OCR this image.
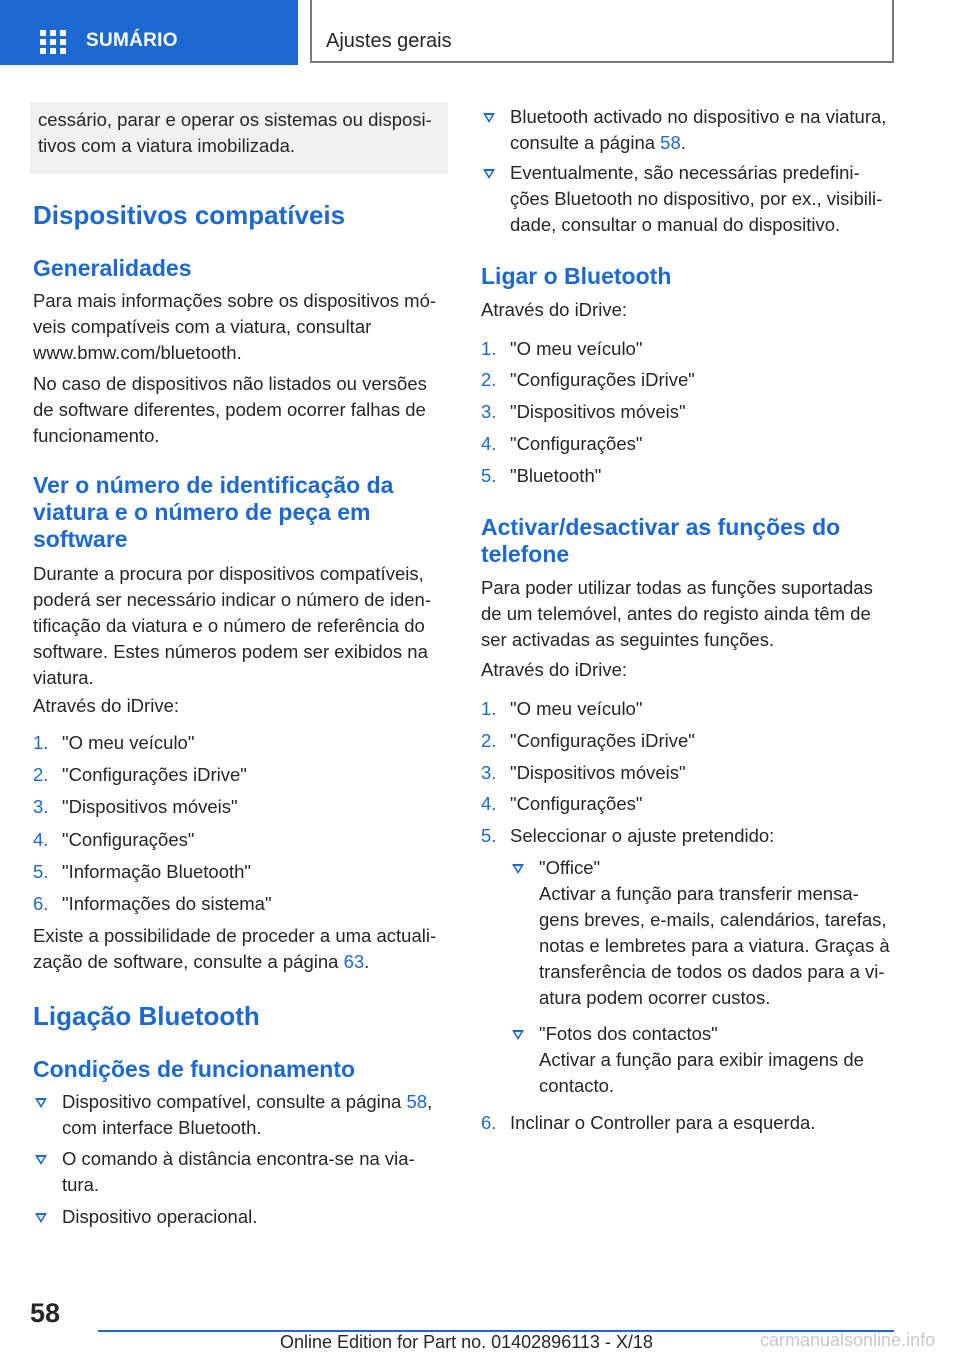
SUMÁRIO	Ajustes gerais

cessário, parar e operar os sistemas ou disposi-
tivos com a viatura imobilizada.

Dispositivos compatíveis
Generalidades

Para mais informações sobre os dispositivos mó-
veis compatíveis com a viatura, consultar
www.bmw.com/bluetooth.

No caso de dispositivos não listados ou versões
de software diferentes, podem ocorrer falhas de
funcionamento.

Ver o número de identificação da
viatura e o número de peça em
software

Durante a procura por dispositivos compatíveis,
poderá ser necessário indicar o número de iden-
tificação da viatura e o número de referência do
software. Estes números podem ser exibidos na
viatura.

Através do iDrive:

1. "O meu veículo"
2. "Configurações iDrive"
3. "Dispositivos móveis"
4. "Configurações"
5. "Informação Bluetooth"
6. "Informações do sistema"

Existe a possibilidade de proceder a uma actuali-
zação de software, consulte a página 63.

Ligação Bluetooth
Condições de funcionamento
Dispositivo compatível, consulte a página 58,
com interface Bluetooth.
O comando à distância encontra-se na via-
tura.
Dispositivo operacional.
Bluetooth activado no dispositivo e na viatura,
consulte a página 58.
Eventualmente, são necessárias predefini-
ções Bluetooth no dispositivo, por ex., visibili-
dade, consultar o manual do dispositivo.
Ligar o Bluetooth

Através do iDrive:

1. "O meu veículo"
2. "Configurações iDrive"
3. "Dispositivos móveis"
4. "Configurações"
5. "Bluetooth"
Activar/desactivar as funções do
telefone

Para poder utilizar todas as funções suportadas
de um telemóvel, antes do registo ainda têm de
ser activadas as seguintes funções.

Através do iDrive:

1. "O meu veículo"
2. "Configurações iDrive"
3. "Dispositivos móveis"
4. "Configurações"
5. Seleccionar o ajuste pretendido:
"Office"
Activar a função para transferir mensa-
gens breves, e-mails, calendários, tarefas,
notas e lembretes para a viatura. Graças à
transferência de todos os dados para a vi-
atura podem ocorrer custos.
"Fotos dos contactos"
Activar a função para exibir imagens de
contacto.
6. Inclinar o Controller para a esquerda.
58
Online Edition for Part no. 01402896113 - X/18	carmanualsonline.info
